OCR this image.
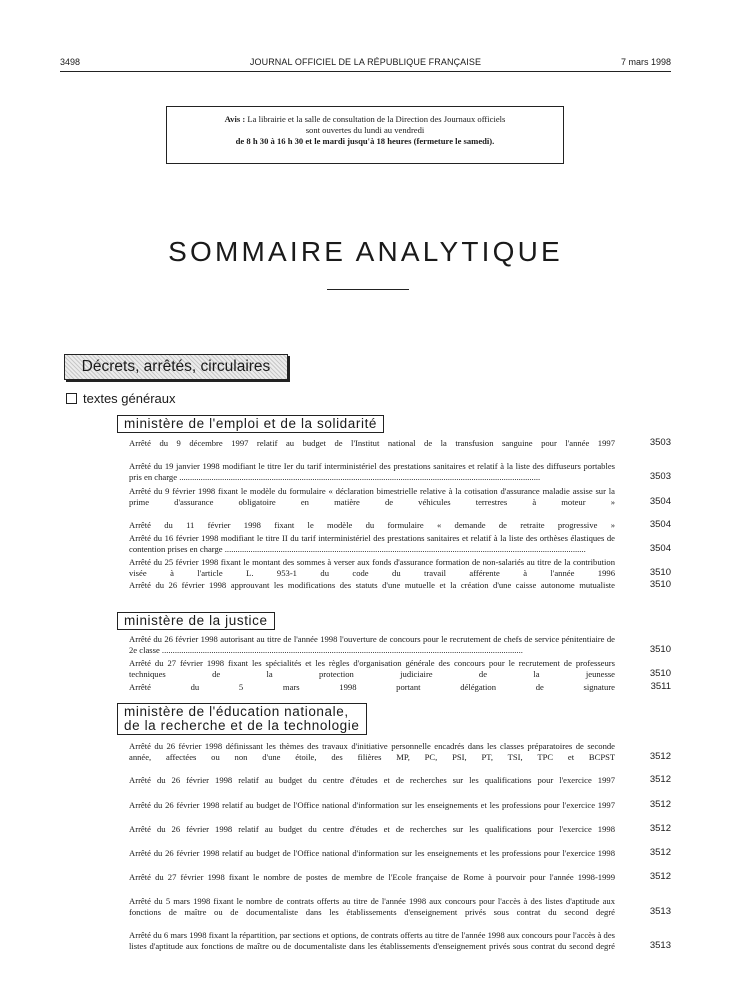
3498	JOURNAL OFFICIEL DE LA RÉPUBLIQUE FRANÇAISE	7 mars 1998
Avis : La librairie et la salle de consultation de la Direction des Journaux officiels
sont ouvertes du lundi au vendredi
de 8 h 30 à 16 h 30 et le mardi jusqu'à 18 heures (fermeture le samedi).
SOMMAIRE ANALYTIQUE
Décrets, arrêtés, circulaires
textes généraux
ministère de l'emploi et de la solidarité
Arrêté du 9 décembre 1997 relatif au budget de l'Institut national de la transfusion sanguine pour l'année 1997	3503
Arrêté du 19 janvier 1998 modifiant le titre Ier du tarif interministériel des prestations sanitaires et relatif à la liste des diffuseurs portables pris en charge ........................................................................................................................................................................	3503
Arrêté du 9 février 1998 fixant le modèle du formulaire « déclaration bimestrielle relative à la cotisation d'assurance maladie assise sur la prime d'assurance obligatoire en matière de véhicules terrestres à moteur »	3504
Arrêté du 11 février 1998 fixant le modèle du formulaire « demande de retraite progressive »	3504
Arrêté du 16 février 1998 modifiant le titre II du tarif interministériel des prestations sanitaires et relatif à la liste des orthèses élastiques de contention prises en charge ........................................................................................................................................................................	3504
Arrêté du 25 février 1998 fixant le montant des sommes à verser aux fonds d'assurance formation de non-salariés au titre de la contribution visée à l'article L. 953-1 du code du travail afférente à l'année 1996	3510
Arrêté du 26 février 1998 approuvant les modifications des statuts d'une mutuelle et la création d'une caisse autonome mutualiste	3510
ministère de la justice
Arrêté du 26 février 1998 autorisant au titre de l'année 1998 l'ouverture de concours pour le recrutement de chefs de service pénitentiaire de 2e classe ........................................................................................................................................................................	3510
Arrêté du 27 février 1998 fixant les spécialités et les règles d'organisation générale des concours pour le recrutement de professeurs techniques de la protection judiciaire de la jeunesse	3510
Arrêté du 5 mars 1998 portant délégation de signature	3511
ministère de l'éducation nationale,
de la recherche et de la technologie
Arrêté du 26 février 1998 définissant les thèmes des travaux d'initiative personnelle encadrés dans les classes préparatoires de seconde année, affectées ou non d'une étoile, des filières MP, PC, PSI, PT, TSI, TPC et BCPST	3512
Arrêté du 26 février 1998 relatif au budget du centre d'études et de recherches sur les qualifications pour l'exercice 1997	3512
Arrêté du 26 février 1998 relatif au budget de l'Office national d'information sur les enseignements et les professions pour l'exercice 1997	3512
Arrêté du 26 février 1998 relatif au budget du centre d'études et de recherches sur les qualifications pour l'exercice 1998	3512
Arrêté du 26 février 1998 relatif au budget de l'Office national d'information sur les enseignements et les professions pour l'exercice 1998	3512
Arrêté du 27 février 1998 fixant le nombre de postes de membre de l'Ecole française de Rome à pourvoir pour l'année 1998-1999	3512
Arrêté du 5 mars 1998 fixant le nombre de contrats offerts au titre de l'année 1998 aux concours pour l'accès à des listes d'aptitude aux fonctions de maître ou de documentaliste dans les établissements d'enseignement privés sous contrat du second degré	3513
Arrêté du 6 mars 1998 fixant la répartition, par sections et options, de contrats offerts au titre de l'année 1998 aux concours pour l'accès à des listes d'aptitude aux fonctions de maître ou de documentaliste dans les établissements d'enseignement privés sous contrat du second degré	3513
